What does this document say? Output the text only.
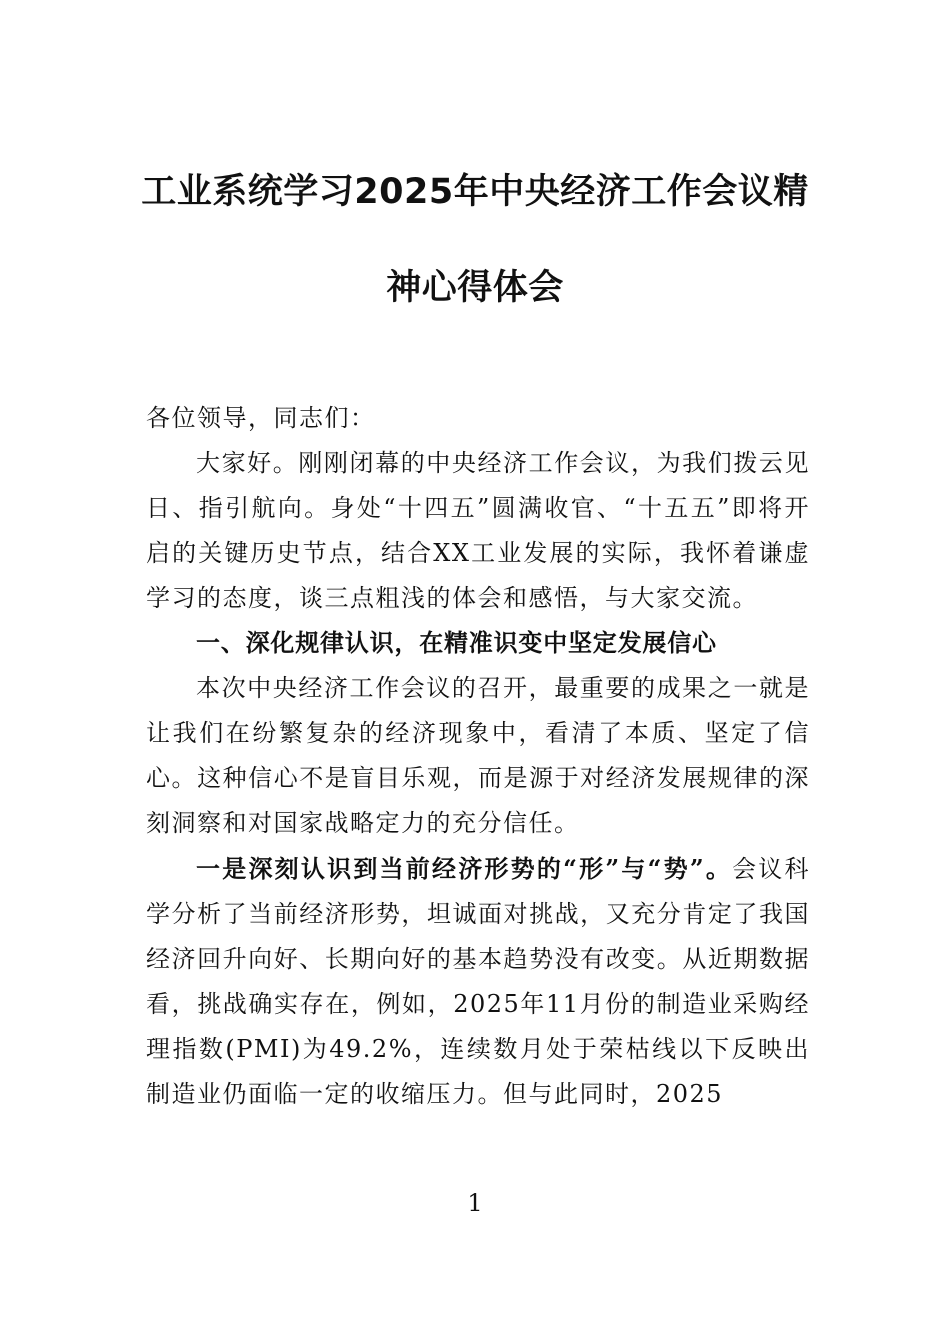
工业系统学习2025年中央经济工作会议精
神心得体会

各位领导，同志们：

大家好。刚刚闭幕的中央经济工作会议，为我们拨云见日、指引航向。身处“十四五”圆满收官、“十五五”即将开启的关键历史节点，结合XX工业发展的实际，我怀着谦虚学习的态度，谈三点粗浅的体会和感悟，与大家交流。

一、深化规律认识，在精准识变中坚定发展信心

本次中央经济工作会议的召开，最重要的成果之一就是让我们在纷繁复杂的经济现象中，看清了本质、坚定了信心。这种信心不是盲目乐观，而是源于对经济发展规律的深刻洞察和对国家战略定力的充分信任。

一是深刻认识到当前经济形势的“形”与“势”。会议科学分析了当前经济形势，坦诚面对挑战，又充分肯定了我国经济回升向好、长期向好的基本趋势没有改变。从近期数据看，挑战确实存在，例如，2025年11月份的制造业采购经理指数(PMI)为49.2%，连续数月处于荣枯线以下反映出制造业仍面临一定的收缩压力。但与此同时，2025

1
